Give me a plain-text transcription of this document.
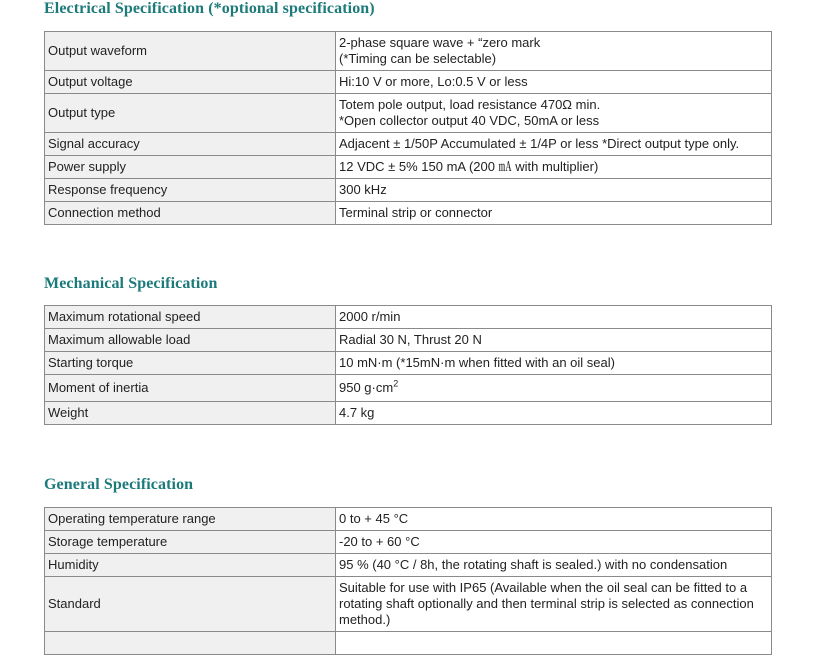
Electrical Specification (*optional specification)
Output waveform	2-phase square wave + “zero mark
(*Timing can be selectable)

Output voltage	Hi:10 V or more, Lo:0.5 V or less
Output type	Totem pole output, load resistance 470Ω min.
*Open collector output 40 VDC, 50mA or less

Signal accuracy	Adjacent ± 1/50P Accumulated ± 1/4P or less *Direct output type only.
Power supply	12 VDC ± 5% 150 mA (200 ㎃ with multiplier)
Response frequency	300 kHz
Connection method	Terminal strip or connector
Mechanical Specification
Maximum rotational speed	2000 r/min
Maximum allowable load	Radial 30 N, Thrust 20 N
Starting torque	10 mN·m (*15mN·m when fitted with an oil seal)
Moment of inertia	950 $g\cdot cm^2$
Weight	4.7 kg
General Specification
Operating temperature range	0 to + 45 °C
Storage temperature	-20 to + 60 °C
Humidity	95 % (40 °C / 8h, the rotating shaft is sealed.) with no condensation
Standard	Suitable for use with IP65 (Available when the oil seal can be fitted to a rotating shaft optionally and then terminal strip is selected as connection method.)
